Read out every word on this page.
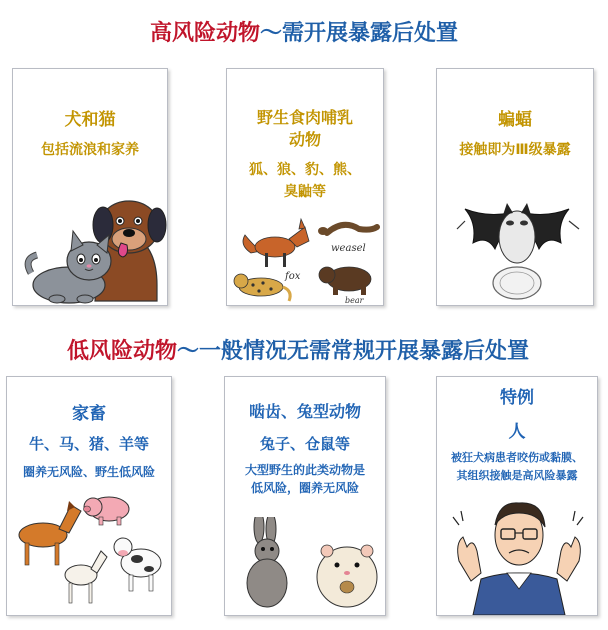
高风险动物～需开展暴露后处置
犬和猫
包括流浪和家养
野生食肉哺乳
动物
狐、狼、豹、熊、
臭鼬等
fox
weasel
bear
蝙蝠
接触即为Ⅲ级暴露
低风险动物～一般情况无需常规开展暴露后处置
家畜
牛、马、猪、羊等
圈养无风险、野生低风险
啮齿、兔型动物
兔子、仓鼠等
大型野生的此类动物是
低风险，圈养无风险
特例
人
被狂犬病患者咬伤或黏膜、
其组织接触是高风险暴露
